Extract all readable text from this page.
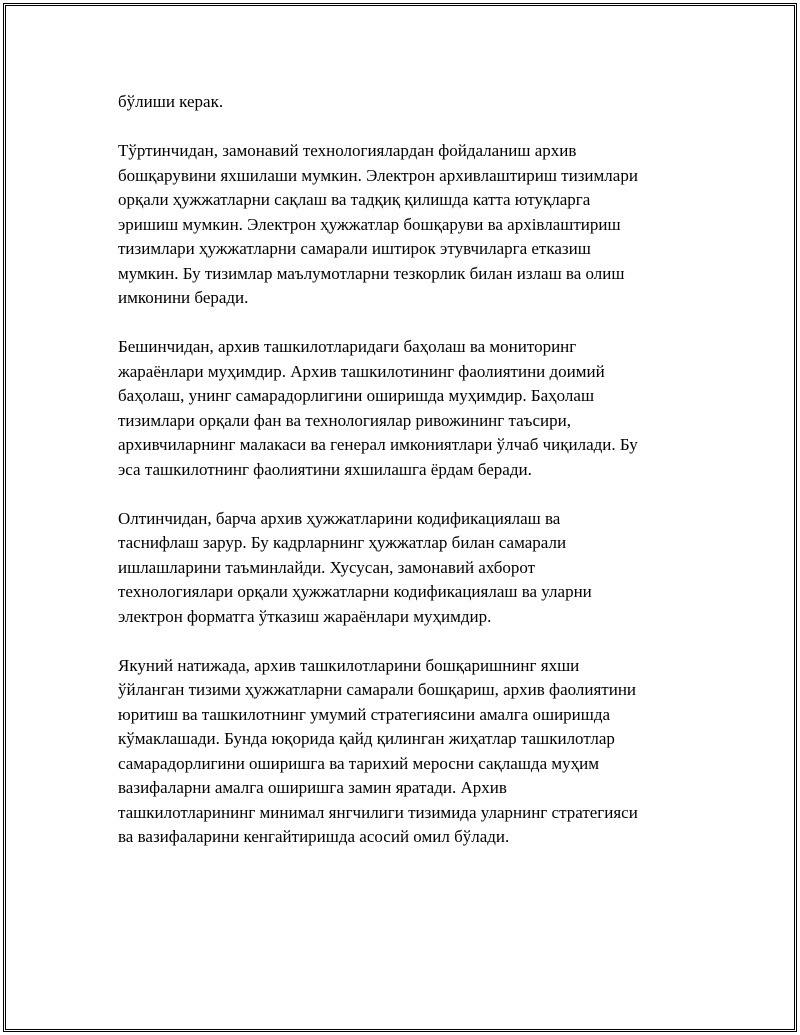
бўлиши керак.

Тўртинчидан, замонавий технологиялардан фойдаланиш архив
бошқарувини яхшилаши мумкин. Электрон архивлаштириш тизимлари
орқали ҳужжатларни сақлаш ва тадқиқ қилишда катта ютуқларга
эришиш мумкин. Электрон ҳужжатлар бошқаруви ва архiвлаштириш
тизимлари ҳужжатларни самарали иштирок этувчиларга етказиш
мумкин. Бу тизимлар маълумотларни тезкорлик билан излаш ва олиш
имконини беради.

Бешинчидан, архив ташкилотларидаги баҳолаш ва мониторинг
жараёнлари муҳимдир. Архив ташкилотининг фаолиятини доимий
баҳолаш, унинг самарадорлигини оширишда муҳимдир. Баҳолаш
тизимлари орқали фан ва технологиялар ривожининг таъсири,
архивчиларнинг малакаси ва генерал имкониятлари ўлчаб чиқилади. Бу
эса ташкилотнинг фаолиятини яхшилашга ёрдам беради.

Олтинчидан, барча архив ҳужжатларини кодификациялаш ва
таснифлаш зарур. Бу кадрларнинг ҳужжатлар билан самарали
ишлашларини таъминлайди. Хусусан, замонавий ахборот
технологиялари орқали ҳужжатларни кодификациялаш ва уларни
электрон форматга ўтказиш жараёнлари муҳимдир.

Якуний натижада, архив ташкилотларини бошқаришнинг яхши
ўйланган тизими ҳужжатларни самарали бошқариш, архив фаолиятини
юритиш ва ташкилотнинг умумий стратегиясини амалга оширишда
кўмаклашади. Бунда юқорида қайд қилинган жиҳатлар ташкилотлар
самарадорлигини оширишга ва тарихий меросни сақлашда муҳим
вазифаларни амалга оширишга замин яратади. Архив
ташкилотларининг минимал янгчилиги тизимида уларнинг стратегияси
ва вазифаларини кенгайтиришда асосий омил бўлади.
